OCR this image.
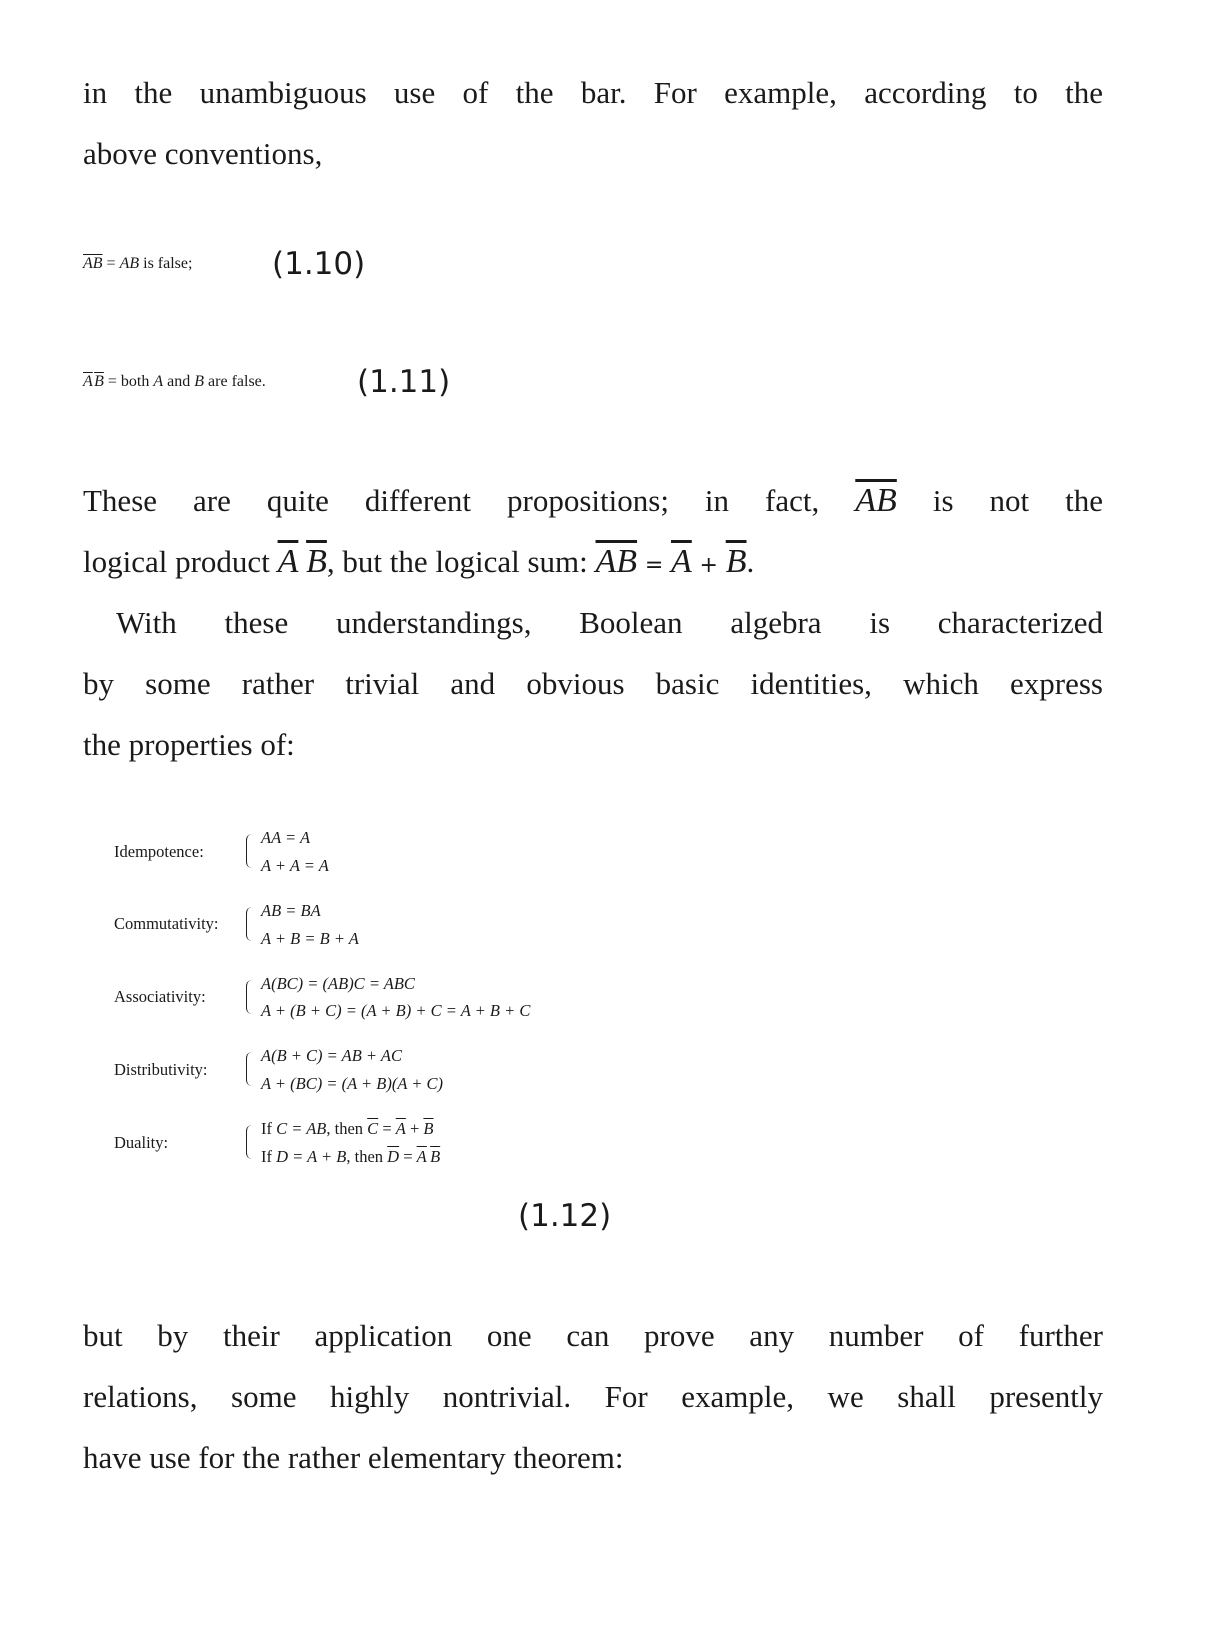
in the unambiguous use of the bar. For example, according to the
above conventions,
$\overline{AB}$ = AB is false;	(1.10)
$\overline{A}$ $\overline{B}$ = both A and B are false.	(1.11)
These are quite different propositions; in fact, $\overline{AB}$ is not the
logical product $\overline{A}$ $\overline{B}$, but the logical sum: $\overline{AB} = \overline{A} + \overline{B}$.
With these understandings, Boolean algebra is characterized
by some rather trivial and obvious basic identities, which express
the properties of:
Idempotence:
AA = A
A + A = A
Commutativity:
AB = BA
A + B = B + A
Associativity:
A(BC) = (AB)C = ABC
A + (B + C) = (A + B) + C = A + B + C
Distributivity:
A(B + C) = AB + AC
A + (BC) = (A + B)(A + C)
Duality:
If C = AB, then $\overline{C} = \overline{A} + \overline{B}$
If D = A + B, then $\overline{D} = \overline{A}$  $\overline{B}$
(1.12)
but by their application one can prove any number of further
relations, some highly nontrivial. For example, we shall presently
have use for the rather elementary theorem:
